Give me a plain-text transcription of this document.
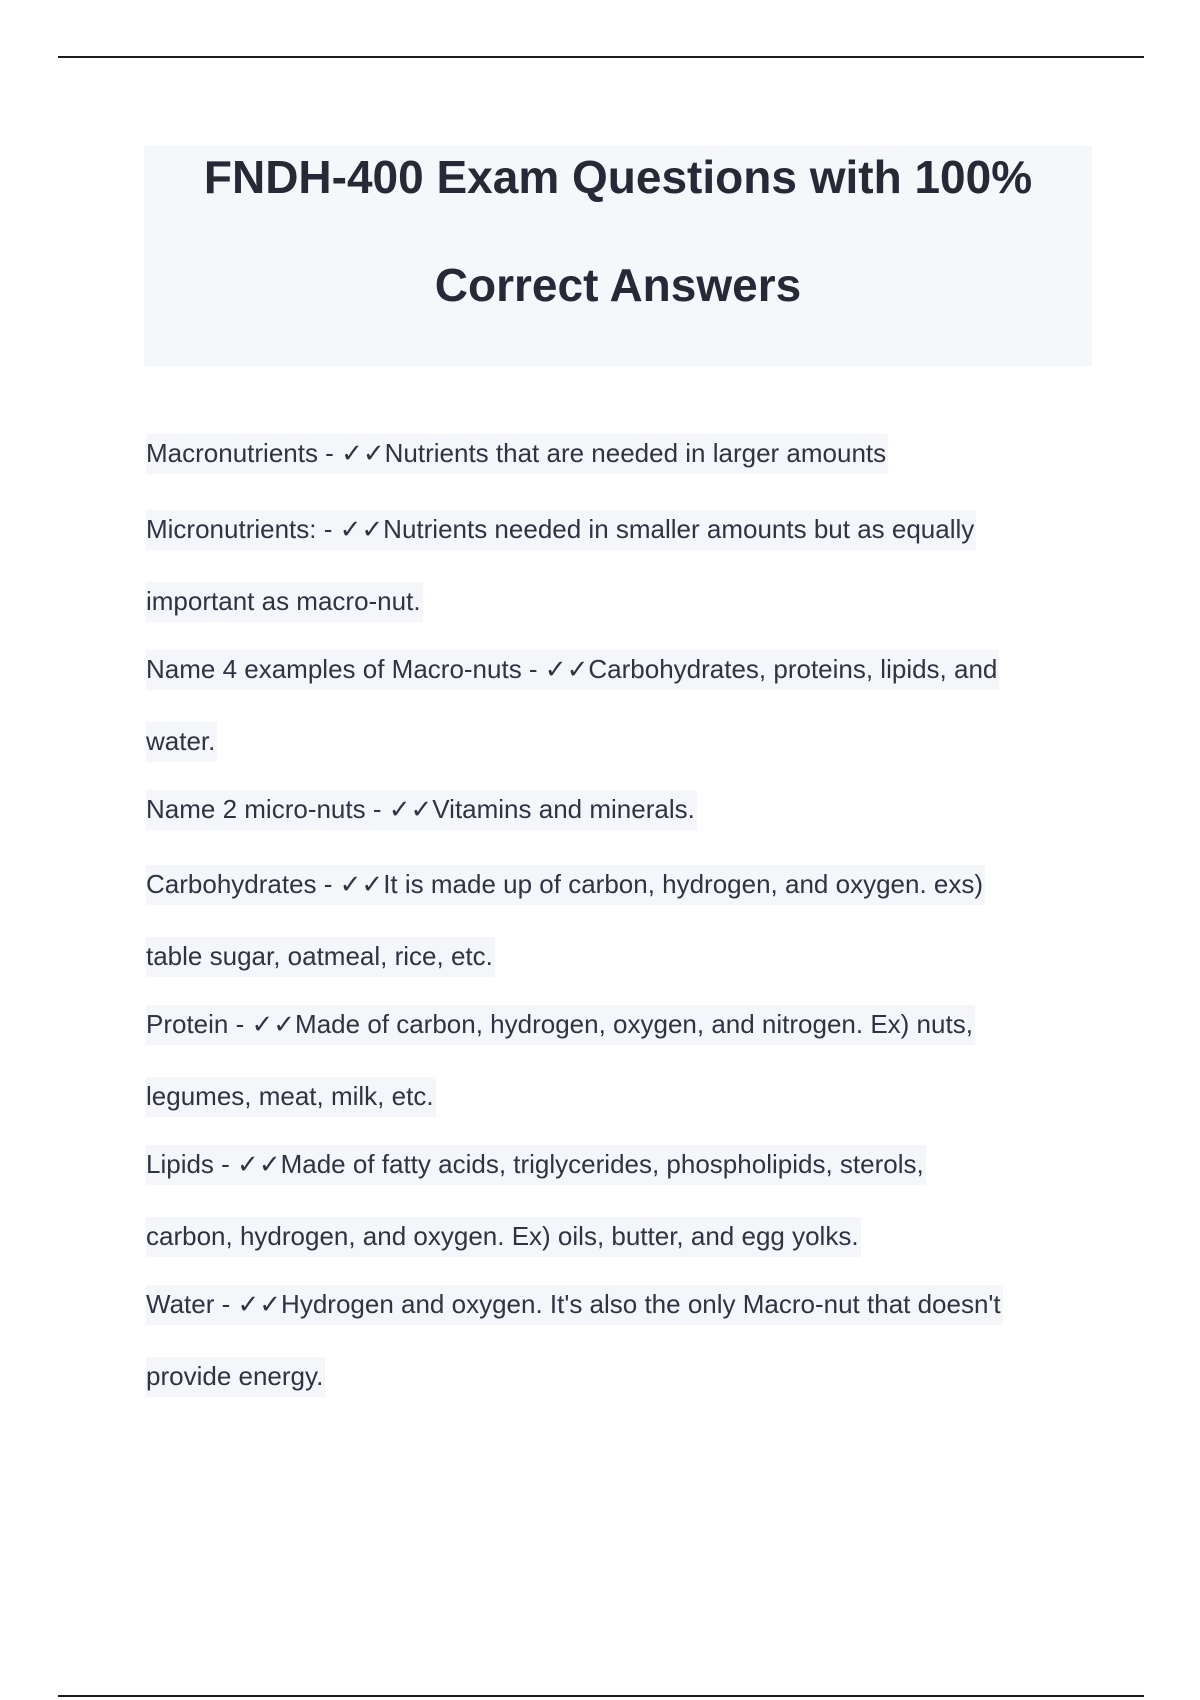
FNDH-400 Exam Questions with 100%
Correct Answers
Macronutrients - ✓✓Nutrients that are needed in larger amounts
Micronutrients: - ✓✓Nutrients needed in smaller amounts but as equally
important as macro-nut.
Name 4 examples of Macro-nuts - ✓✓Carbohydrates, proteins, lipids, and
water.
Name 2 micro-nuts - ✓✓Vitamins and minerals.
Carbohydrates - ✓✓It is made up of carbon, hydrogen, and oxygen. exs)
table sugar, oatmeal, rice, etc.
Protein - ✓✓Made of carbon, hydrogen, oxygen, and nitrogen. Ex) nuts,
legumes, meat, milk, etc.
Lipids - ✓✓Made of fatty acids, triglycerides, phospholipids, sterols,
carbon, hydrogen, and oxygen. Ex) oils, butter, and egg yolks.
Water - ✓✓Hydrogen and oxygen. It's also the only Macro-nut that doesn't
provide energy.
